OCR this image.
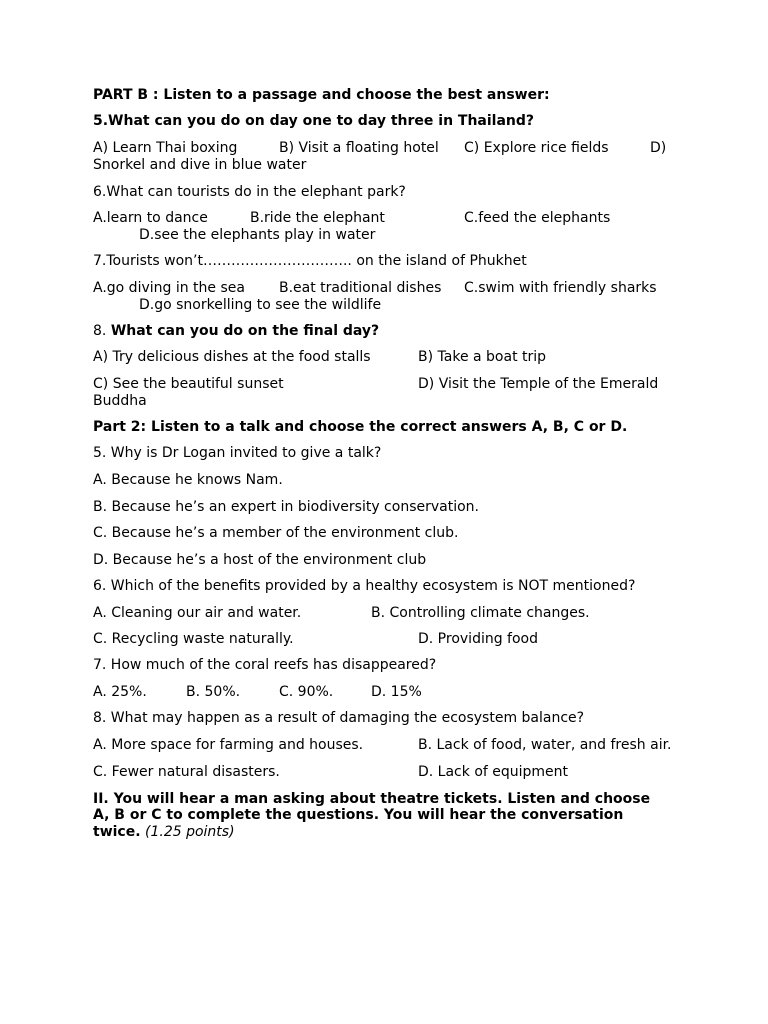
PART B : Listen to a passage and choose the best answer:
5.What can you do on day one to day three in Thailand?
A) Learn Thai boxing	B) Visit a floating hotel C) Explore rice fields	D)
Snorkel and dive in blue water
6.What can tourists do in the elephant park?
A.learn to dance	B.ride the elephant	C.feed the elephants
D.see the elephants play in water
7.Tourists won’t………………………….. on the island of Phukhet
A.go diving in the sea B.eat traditional dishes C.swim with friendly sharks
D.go snorkelling to see the wildlife
8. What can you do on the final day?
A) Try delicious dishes at the food stalls	B) Take a boat trip
C) See the beautiful sunset	D) Visit the Temple of the Emerald
Buddha
Part 2: Listen to a talk and choose the correct answers A, B, C or D.
5. Why is Dr Logan invited to give a talk?
A. Because he knows Nam.
B. Because he’s an expert in biodiversity conservation.
C. Because he’s a member of the environment club.
D. Because he’s a host of the environment club
6. Which of the benefits provided by a healthy ecosystem is NOT mentioned?
A. Cleaning our air and water.	B. Controlling climate changes.
C. Recycling waste naturally.	D. Providing food
7. How much of the coral reefs has disappeared?
A. 25%.	B. 50%.	C. 90%.	D. 15%
8. What may happen as a result of damaging the ecosystem balance?
A. More space for farming and houses.	B. Lack of food, water, and fresh air.
C. Fewer natural disasters.	D. Lack of equipment
II. You will hear a man asking about theatre tickets. Listen and choose
A, B or C to complete the questions. You will hear the conversation
twice. (1.25 points)
